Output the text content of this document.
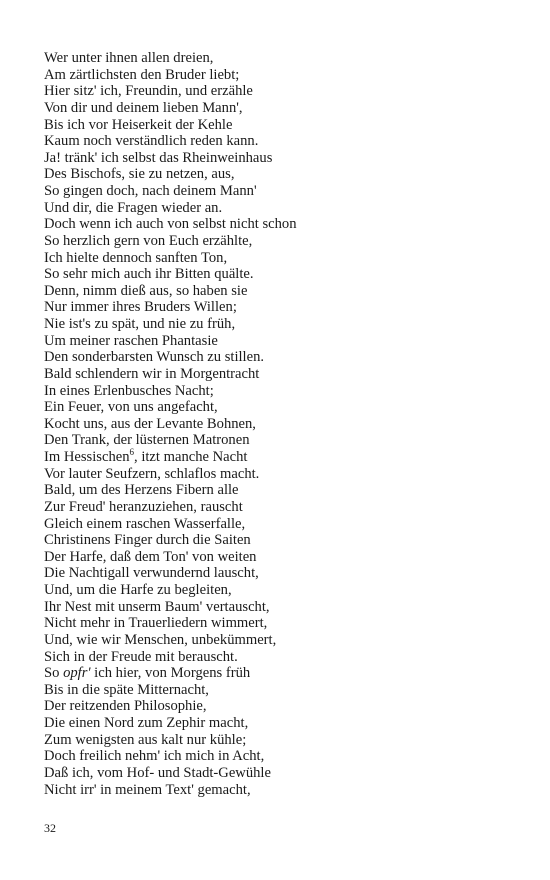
Wer unter ihnen allen dreien,
Am zärtlichsten den Bruder liebt;
Hier sitz' ich, Freundin, und erzähle
Von dir und deinem lieben Mann',
Bis ich vor Heiserkeit der Kehle
Kaum noch verständlich reden kann.
Ja! tränk' ich selbst das Rheinweinhaus
Des Bischofs, sie zu netzen, aus,
So gingen doch, nach deinem Mann'
Und dir, die Fragen wieder an.
Doch wenn ich auch von selbst nicht schon
So herzlich gern von Euch erzählte,
Ich hielte dennoch sanften Ton,
So sehr mich auch ihr Bitten quälte.
Denn, nimm dieß aus, so haben sie
Nur immer ihres Bruders Willen;
Nie ist's zu spät, und nie zu früh,
Um meiner raschen Phantasie
Den sonderbarsten Wunsch zu stillen.
Bald schlendern wir in Morgentracht
In eines Erlenbusches Nacht;
Ein Feuer, von uns angefacht,
Kocht uns, aus der Levante Bohnen,
Den Trank, der lüsternen Matronen
Im Hessischen$^6$, itzt manche Nacht
Vor lauter Seufzern, schlaflos macht.
Bald, um des Herzens Fibern alle
Zur Freud' heranzuziehen, rauscht
Gleich einem raschen Wasserfalle,
Christinens Finger durch die Saiten
Der Harfe, daß dem Ton' von weiten
Die Nachtigall verwundernd lauscht,
Und, um die Harfe zu begleiten,
Ihr Nest mit unserm Baum' vertauscht,
Nicht mehr in Trauerliedern wimmert,
Und, wie wir Menschen, unbekümmert,
Sich in der Freude mit berauscht.
So opfr' ich hier, von Morgens früh
Bis in die späte Mitternacht,
Der reitzenden Philosophie,
Die einen Nord zum Zephir macht,
Zum wenigsten aus kalt nur kühle;
Doch freilich nehm' ich mich in Acht,
Daß ich, vom Hof- und Stadt-Gewühle
Nicht irr' in meinem Text' gemacht,
32
